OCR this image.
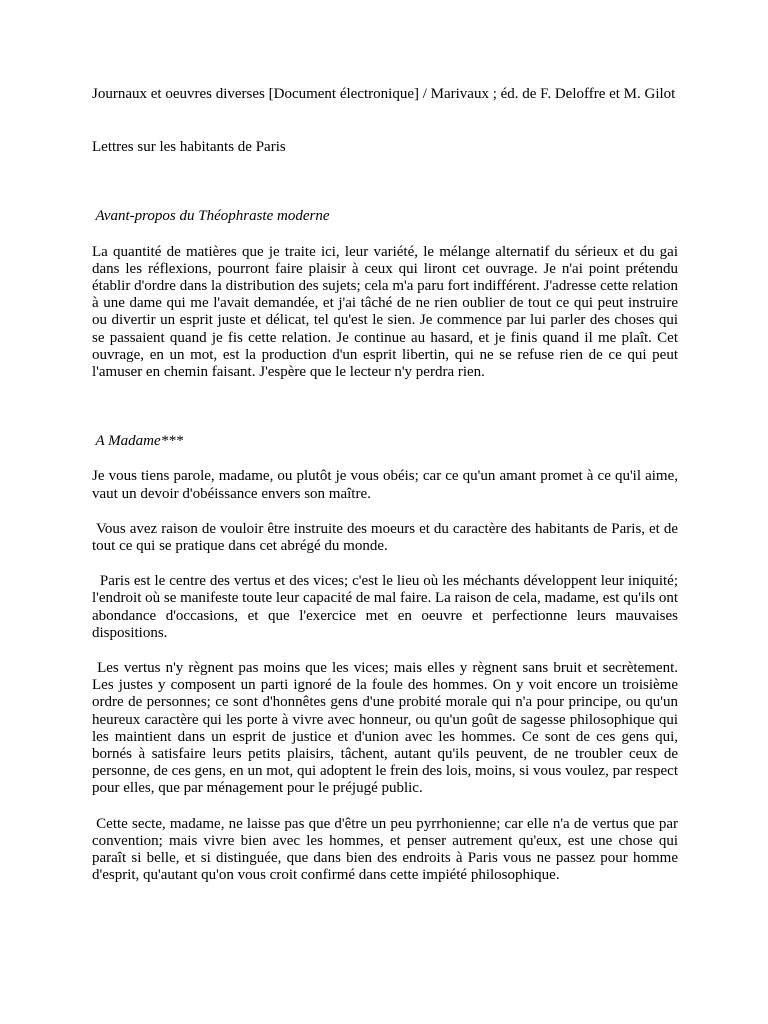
Journaux et oeuvres diverses [Document électronique] / Marivaux ; éd. de F. Deloffre et M. Gilot

Lettres sur les habitants de Paris

Avant-propos du Théophraste moderne

La quantité de matières que je traite ici, leur variété, le mélange alternatif du sérieux et du gai dans les réflexions, pourront faire plaisir à ceux qui liront cet ouvrage. Je n'ai point prétendu établir d'ordre dans la distribution des sujets; cela m'a paru fort indifférent. J'adresse cette relation à une dame qui me l'avait demandée, et j'ai tâché de ne rien oublier de tout ce qui peut instruire ou divertir un esprit juste et délicat, tel qu'est le sien. Je commence par lui parler des choses qui se passaient quand je fis cette relation. Je continue au hasard, et je finis quand il me plaît. Cet ouvrage, en un mot, est la production d'un esprit libertin, qui ne se refuse rien de ce qui peut l'amuser en chemin faisant. J'espère que le lecteur n'y perdra rien.

A Madame***

Je vous tiens parole, madame, ou plutôt je vous obéis; car ce qu'un amant promet à ce qu'il aime, vaut un devoir d'obéissance envers son maître.

Vous avez raison de vouloir être instruite des moeurs et du caractère des habitants de Paris, et de tout ce qui se pratique dans cet abrégé du monde.

Paris est le centre des vertus et des vices; c'est le lieu où les méchants développent leur iniquité; l'endroit où se manifeste toute leur capacité de mal faire. La raison de cela, madame, est qu'ils ont abondance d'occasions, et que l'exercice met en oeuvre et perfectionne leurs mauvaises dispositions.

Les vertus n'y règnent pas moins que les vices; mais elles y règnent sans bruit et secrètement. Les justes y composent un parti ignoré de la foule des hommes. On y voit encore un troisième ordre de personnes; ce sont d'honnêtes gens d'une probité morale qui n'a pour principe, ou qu'un heureux caractère qui les porte à vivre avec honneur, ou qu'un goût de sagesse philosophique qui les maintient dans un esprit de justice et d'union avec les hommes. Ce sont de ces gens qui, bornés à satisfaire leurs petits plaisirs, tâchent, autant qu'ils peuvent, de ne troubler ceux de personne, de ces gens, en un mot, qui adoptent le frein des lois, moins, si vous voulez, par respect pour elles, que par ménagement pour le préjugé public.

Cette secte, madame, ne laisse pas que d'être un peu pyrrhonienne; car elle n'a de vertus que par convention; mais vivre bien avec les hommes, et penser autrement qu'eux, est une chose qui paraît si belle, et si distinguée, que dans bien des endroits à Paris vous ne passez pour homme d'esprit, qu'autant qu'on vous croit confirmé dans cette impiété philosophique.
